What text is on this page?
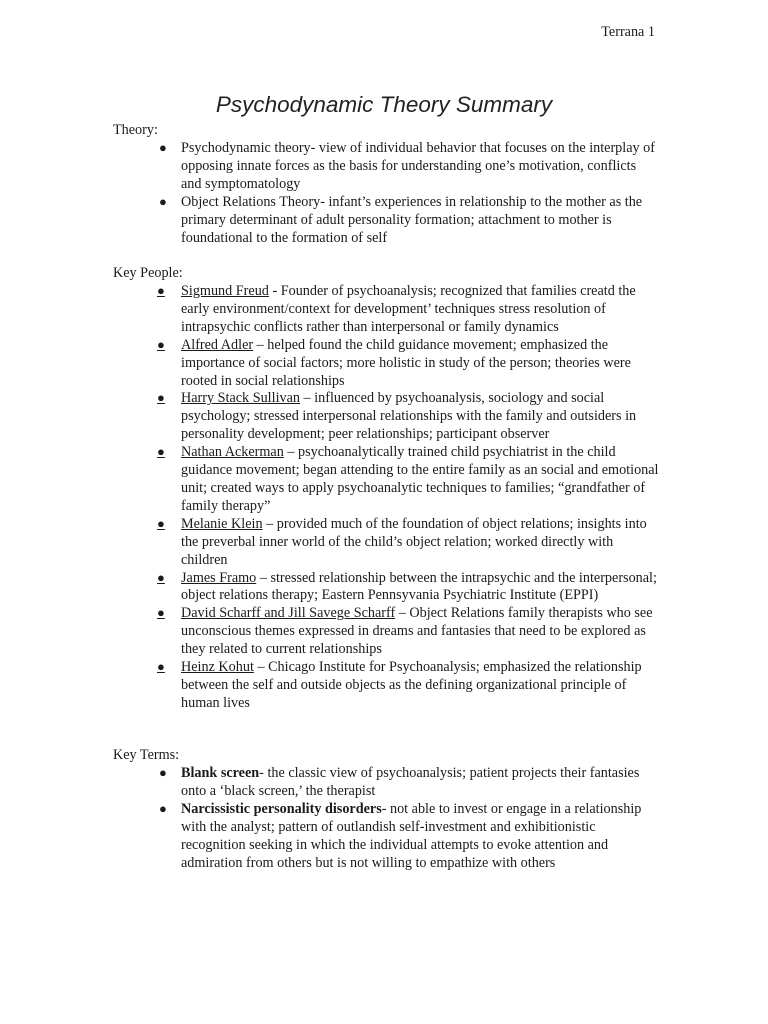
Terrana 1
Psychodynamic Theory Summary
Theory:
● Psychodynamic theory- view of individual behavior that focuses on the interplay of opposing innate forces as the basis for understanding one’s motivation, conflicts and symptomatology
● Object Relations Theory- infant’s experiences in relationship to the mother as the primary determinant of adult personality formation; attachment to mother is foundational to the formation of self
Key People:
●	Sigmund Freud - Founder of psychoanalysis; recognized that families creatd the early environment/context for development’ techniques stress resolution of intrapsychic conflicts rather than interpersonal or family dynamics
●	Alfred Adler – helped found the child guidance movement; emphasized the importance of social factors; more holistic in study of the person; theories were rooted in social relationships
●	Harry Stack Sullivan – influenced by psychoanalysis, sociology and social psychology; stressed interpersonal relationships with the family and outsiders in personality development; peer relationships; participant observer
●	Nathan Ackerman – psychoanalytically trained child psychiatrist in the child guidance movement; began attending to the entire family as an social and emotional unit; created ways to apply psychoanalytic techniques to families; “grandfather of family therapy”
●	Melanie Klein – provided much of the foundation of object relations; insights into the preverbal inner world of the child’s object relation; worked directly with children
●	James Framo – stressed relationship between the intrapsychic and the interpersonal; object relations therapy; Eastern Pennsyvania Psychiatric Institute (EPPI)
●	David Scharff and Jill Savege Scharff – Object Relations family therapists who see unconscious themes expressed in dreams and fantasies that need to be explored as they related to current relationships
●	Heinz Kohut – Chicago Institute for Psychoanalysis; emphasized the relationship between the self and outside objects as the defining organizational principle of human lives
Key Terms:
● Blank screen- the classic view of psychoanalysis; patient projects their fantasies onto a ‘black screen,’ the therapist
● Narcissistic personality disorders- not able to invest or engage in a relationship with the analyst; pattern of outlandish self-investment and exhibitionistic recognition seeking in which the individual attempts to evoke attention and admiration from others but is not willing to empathize with others
